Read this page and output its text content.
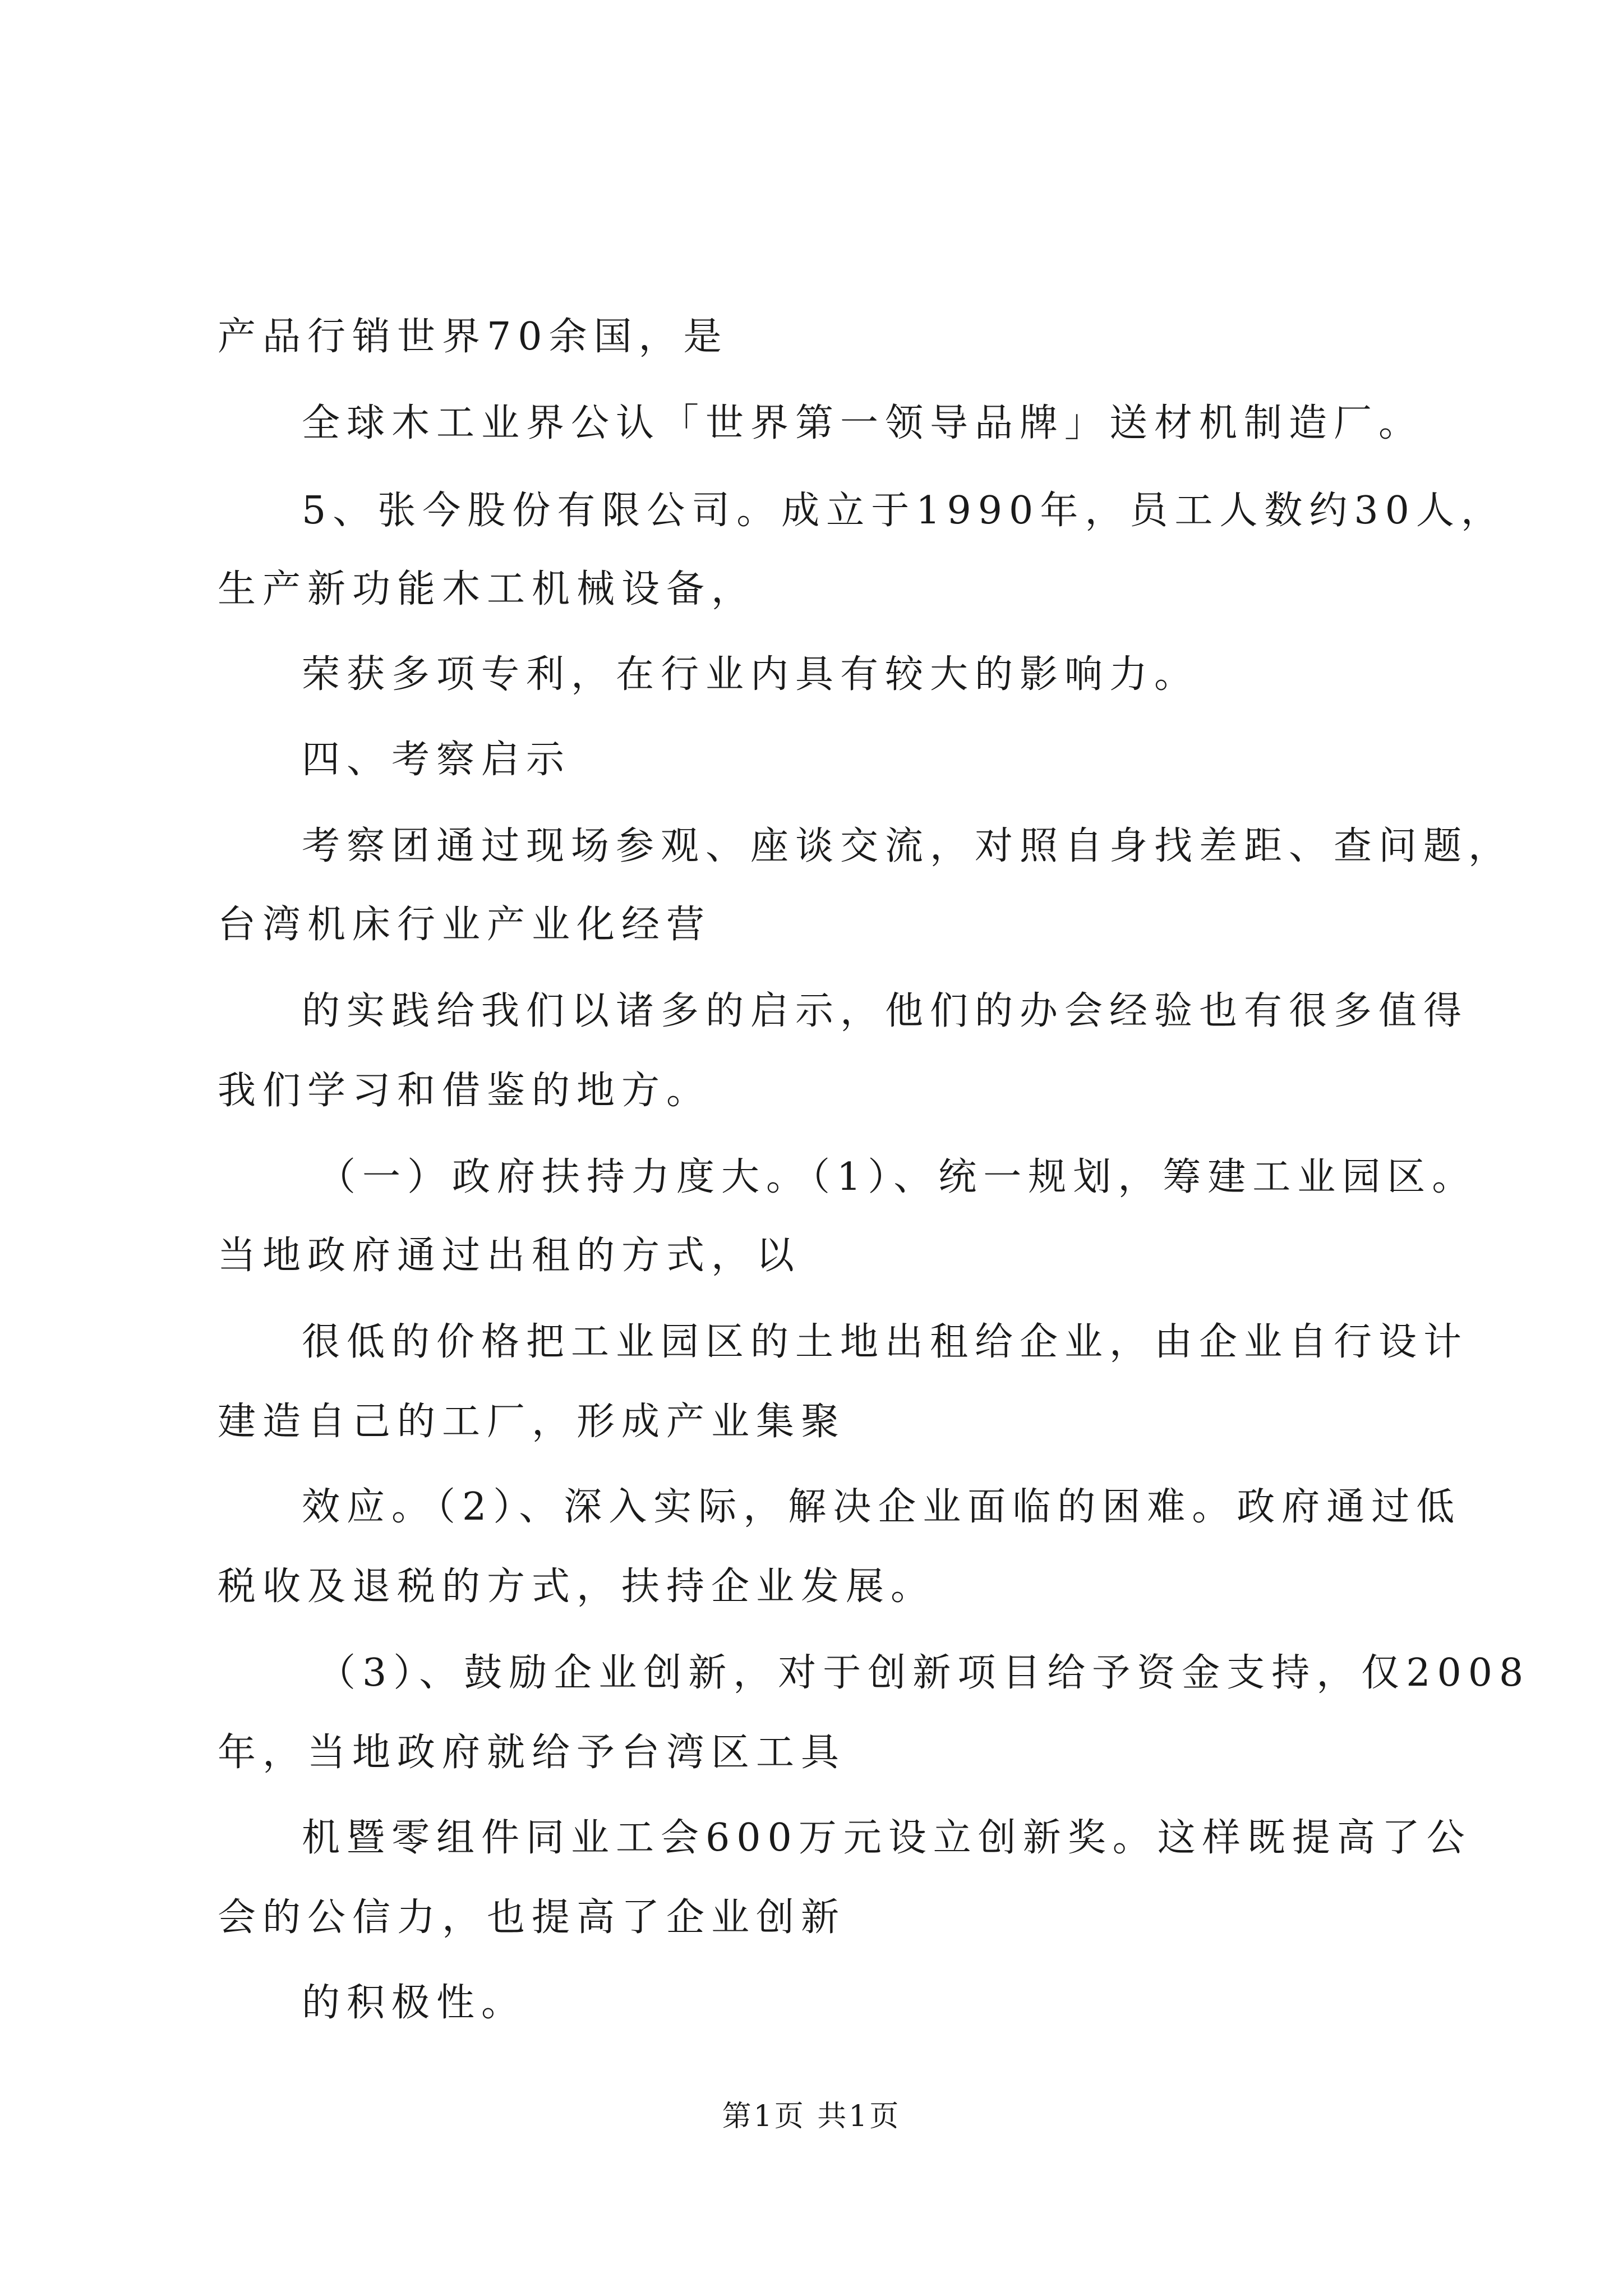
产品行销世界70余国，是
全球木工业界公认「世界第一领导品牌」送材机制造厂。
5、张今股份有限公司。成立于1990年，员工人数约30人，
生产新功能木工机械设备，
荣获多项专利，在行业内具有较大的影响力。
四、考察启示
考察团通过现场参观、座谈交流，对照自身找差距、查问题，
台湾机床行业产业化经营
的实践给我们以诸多的启示，他们的办会经验也有很多值得
我们学习和借鉴的地方。
（一）政府扶持力度大。（1）、统一规划，筹建工业园区。
当地政府通过出租的方式，以
很低的价格把工业园区的土地出租给企业，由企业自行设计
建造自己的工厂，形成产业集聚
效应。（2）、深入实际，解决企业面临的困难。政府通过低
税收及退税的方式，扶持企业发展。
（3）、鼓励企业创新，对于创新项目给予资金支持，仅2008
年，当地政府就给予台湾区工具
机暨零组件同业工会600万元设立创新奖。这样既提高了公
会的公信力，也提高了企业创新
的积极性。
第1页 共1页
